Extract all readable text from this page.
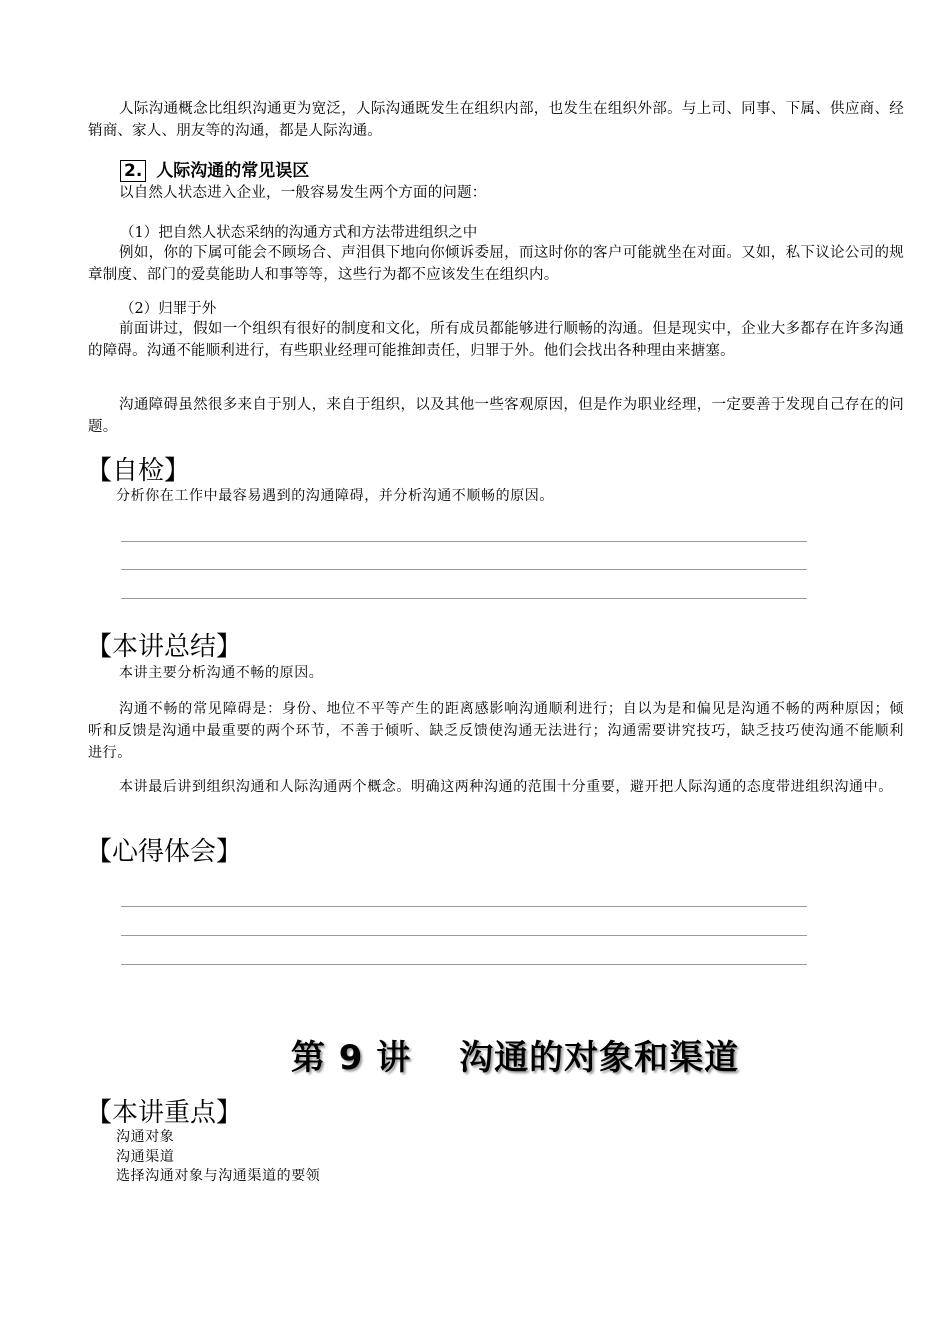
人际沟通概念比组织沟通更为宽泛，人际沟通既发生在组织内部，也发生在组织外部。与上司、同事、下属、供应商、经销商、家人、朋友等的沟通，都是人际沟通。

2. 人际沟通的常见误区

以自然人状态进入企业，一般容易发生两个方面的问题：

（1）把自然人状态采纳的沟通方式和方法带进组织之中

例如，你的下属可能会不顾场合、声泪俱下地向你倾诉委屈，而这时你的客户可能就坐在对面。又如，私下议论公司的规章制度、部门的爱莫能助人和事等等，这些行为都不应该发生在组织内。

（2）归罪于外

前面讲过，假如一个组织有很好的制度和文化，所有成员都能够进行顺畅的沟通。但是现实中，企业大多都存在许多沟通的障碍。沟通不能顺利进行，有些职业经理可能推卸责任，归罪于外。他们会找出各种理由来搪塞。

沟通障碍虽然很多来自于别人，来自于组织，以及其他一些客观原因，但是作为职业经理，一定要善于发现自己存在的问题。

【自检】

分析你在工作中最容易遇到的沟通障碍，并分析沟通不顺畅的原因。

【本讲总结】

本讲主要分析沟通不畅的原因。

沟通不畅的常见障碍是：身份、地位不平等产生的距离感影响沟通顺利进行；自以为是和偏见是沟通不畅的两种原因；倾听和反馈是沟通中最重要的两个环节，不善于倾听、缺乏反馈使沟通无法进行；沟通需要讲究技巧，缺乏技巧使沟通不能顺利进行。

本讲最后讲到组织沟通和人际沟通两个概念。明确这两种沟通的范围十分重要，避开把人际沟通的态度带进组织沟通中。

【心得体会】
第 9 讲　 沟通的对象和渠道
【本讲重点】

沟通对象

沟通渠道

选择沟通对象与沟通渠道的要领
